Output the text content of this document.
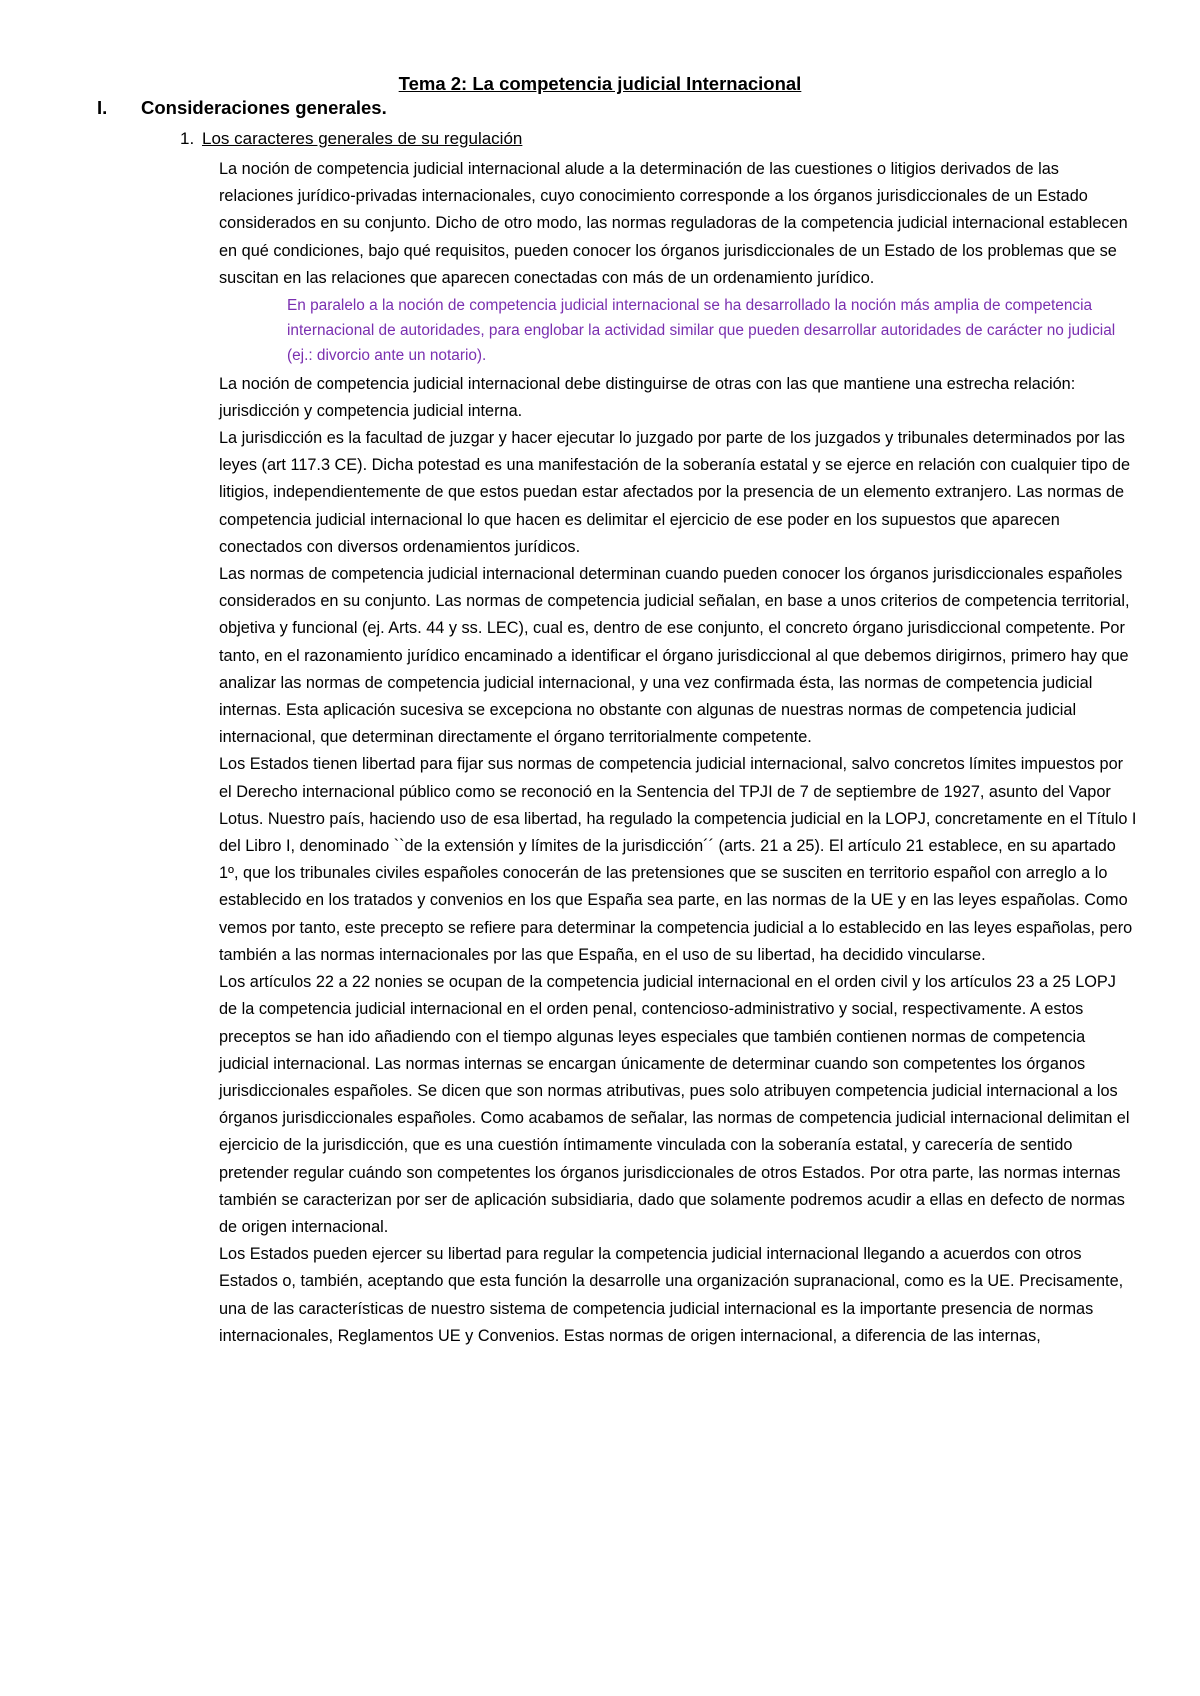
Tema 2: La competencia judicial Internacional
I. Consideraciones generales.
1. Los caracteres generales de su regulación

La noción de competencia judicial internacional alude a la determinación de las cuestiones o litigios derivados de las relaciones jurídico-privadas internacionales, cuyo conocimiento corresponde a los órganos jurisdiccionales de un Estado considerados en su conjunto. Dicho de otro modo, las normas reguladoras de la competencia judicial internacional establecen en qué condiciones, bajo qué requisitos, pueden conocer los órganos jurisdiccionales de un Estado de los problemas que se suscitan en las relaciones que aparecen conectadas con más de un ordenamiento jurídico.

En paralelo a la noción de competencia judicial internacional se ha desarrollado la noción más amplia de competencia internacional de autoridades, para englobar la actividad similar que pueden desarrollar autoridades de carácter no judicial (ej.: divorcio ante un notario).

La noción de competencia judicial internacional debe distinguirse de otras con las que mantiene una estrecha relación: jurisdicción y competencia judicial interna.

La jurisdicción es la facultad de juzgar y hacer ejecutar lo juzgado por parte de los juzgados y tribunales determinados por las leyes (art 117.3 CE). Dicha potestad es una manifestación de la soberanía estatal y se ejerce en relación con cualquier tipo de litigios, independientemente de que estos puedan estar afectados por la presencia de un elemento extranjero. Las normas de competencia judicial internacional lo que hacen es delimitar el ejercicio de ese poder en los supuestos que aparecen conectados con diversos ordenamientos jurídicos.

Las normas de competencia judicial internacional determinan cuando pueden conocer los órganos jurisdiccionales españoles considerados en su conjunto. Las normas de competencia judicial señalan, en base a unos criterios de competencia territorial, objetiva y funcional (ej. Arts. 44 y ss. LEC), cual es, dentro de ese conjunto, el concreto órgano jurisdiccional competente. Por tanto, en el razonamiento jurídico encaminado a identificar el órgano jurisdiccional al que debemos dirigirnos, primero hay que analizar las normas de competencia judicial internacional, y una vez confirmada ésta, las normas de competencia judicial internas. Esta aplicación sucesiva se excepciona no obstante con algunas de nuestras normas de competencia judicial internacional, que determinan directamente el órgano territorialmente competente.

Los Estados tienen libertad para fijar sus normas de competencia judicial internacional, salvo concretos límites impuestos por el Derecho internacional público como se reconoció en la Sentencia del TPJI de 7 de septiembre de 1927, asunto del Vapor Lotus. Nuestro país, haciendo uso de esa libertad, ha regulado la competencia judicial en la LOPJ, concretamente en el Título I del Libro I, denominado ``de la extensión y límites de la jurisdicción´´ (arts. 21 a 25). El artículo 21 establece, en su apartado 1º, que los tribunales civiles españoles conocerán de las pretensiones que se susciten en territorio español con arreglo a lo establecido en los tratados y convenios en los que España sea parte, en las normas de la UE y en las leyes españolas. Como vemos por tanto, este precepto se refiere para determinar la competencia judicial a lo establecido en las leyes españolas, pero también a las normas internacionales por las que España, en el uso de su libertad, ha decidido vincularse.

Los artículos 22 a 22 nonies se ocupan de la competencia judicial internacional en el orden civil y los artículos 23 a 25 LOPJ de la competencia judicial internacional en el orden penal, contencioso-administrativo y social, respectivamente. A estos preceptos se han ido añadiendo con el tiempo algunas leyes especiales que también contienen normas de competencia judicial internacional. Las normas internas se encargan únicamente de determinar cuando son competentes los órganos jurisdiccionales españoles. Se dicen que son normas atributivas, pues solo atribuyen competencia judicial internacional a los órganos jurisdiccionales españoles. Como acabamos de señalar, las normas de competencia judicial internacional delimitan el ejercicio de la jurisdicción, que es una cuestión íntimamente vinculada con la soberanía estatal, y carecería de sentido pretender regular cuándo son competentes los órganos jurisdiccionales de otros Estados. Por otra parte, las normas internas también se caracterizan por ser de aplicación subsidiaria, dado que solamente podremos acudir a ellas en defecto de normas de origen internacional.

Los Estados pueden ejercer su libertad para regular la competencia judicial internacional llegando a acuerdos con otros Estados o, también, aceptando que esta función la desarrolle una organización supranacional, como es la UE. Precisamente, una de las características de nuestro sistema de competencia judicial internacional es la importante presencia de normas internacionales, Reglamentos UE y Convenios. Estas normas de origen internacional, a diferencia de las internas,
